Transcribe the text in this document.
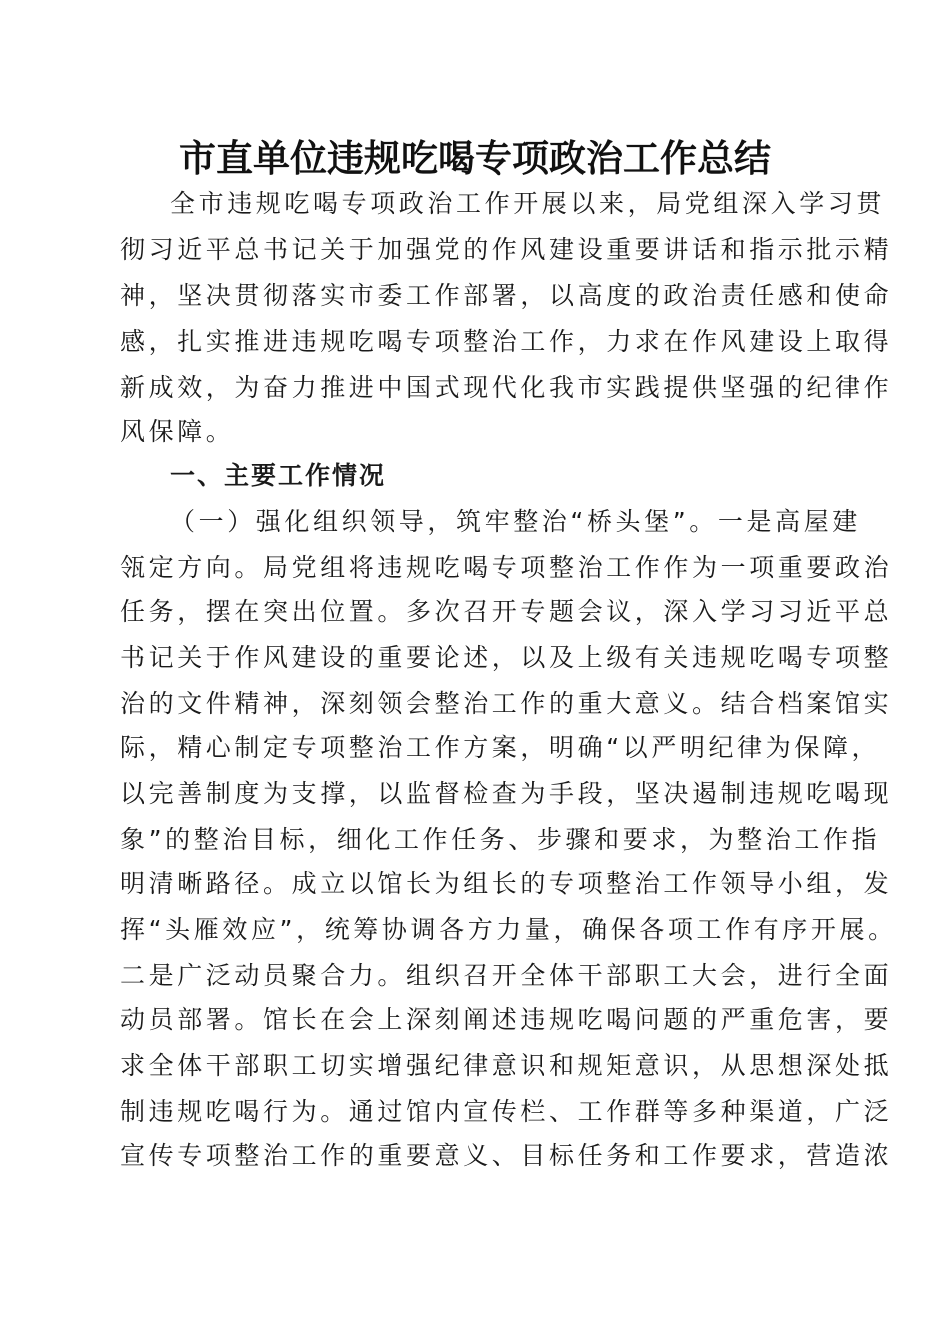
市直单位违规吃喝专项政治工作总结
全市违规吃喝专项政治工作开展以来，局党组深入学习贯
彻习近平总书记关于加强党的作风建设重要讲话和指示批示精
神，坚决贯彻落实市委工作部署，以高度的政治责任感和使命
感，扎实推进违规吃喝专项整治工作，力求在作风建设上取得
新成效，为奋力推进中国式现代化我市实践提供坚强的纪律作
风保障。
一、主要工作情况
（一）强化组织领导，筑牢整治“桥头堡”。一是高屋建
瓴定方向。局党组将违规吃喝专项整治工作作为一项重要政治
任务，摆在突出位置。多次召开专题会议，深入学习习近平总
书记关于作风建设的重要论述，以及上级有关违规吃喝专项整
治的文件精神，深刻领会整治工作的重大意义。结合档案馆实
际，精心制定专项整治工作方案，明确“以严明纪律为保障，
以完善制度为支撑，以监督检查为手段，坚决遏制违规吃喝现
象”的整治目标，细化工作任务、步骤和要求，为整治工作指
明清晰路径。成立以馆长为组长的专项整治工作领导小组，发
挥“头雁效应”，统筹协调各方力量，确保各项工作有序开展。
二是广泛动员聚合力。组织召开全体干部职工大会，进行全面
动员部署。馆长在会上深刻阐述违规吃喝问题的严重危害，要
求全体干部职工切实增强纪律意识和规矩意识，从思想深处抵
制违规吃喝行为。通过馆内宣传栏、工作群等多种渠道，广泛
宣传专项整治工作的重要意义、目标任务和工作要求，营造浓
